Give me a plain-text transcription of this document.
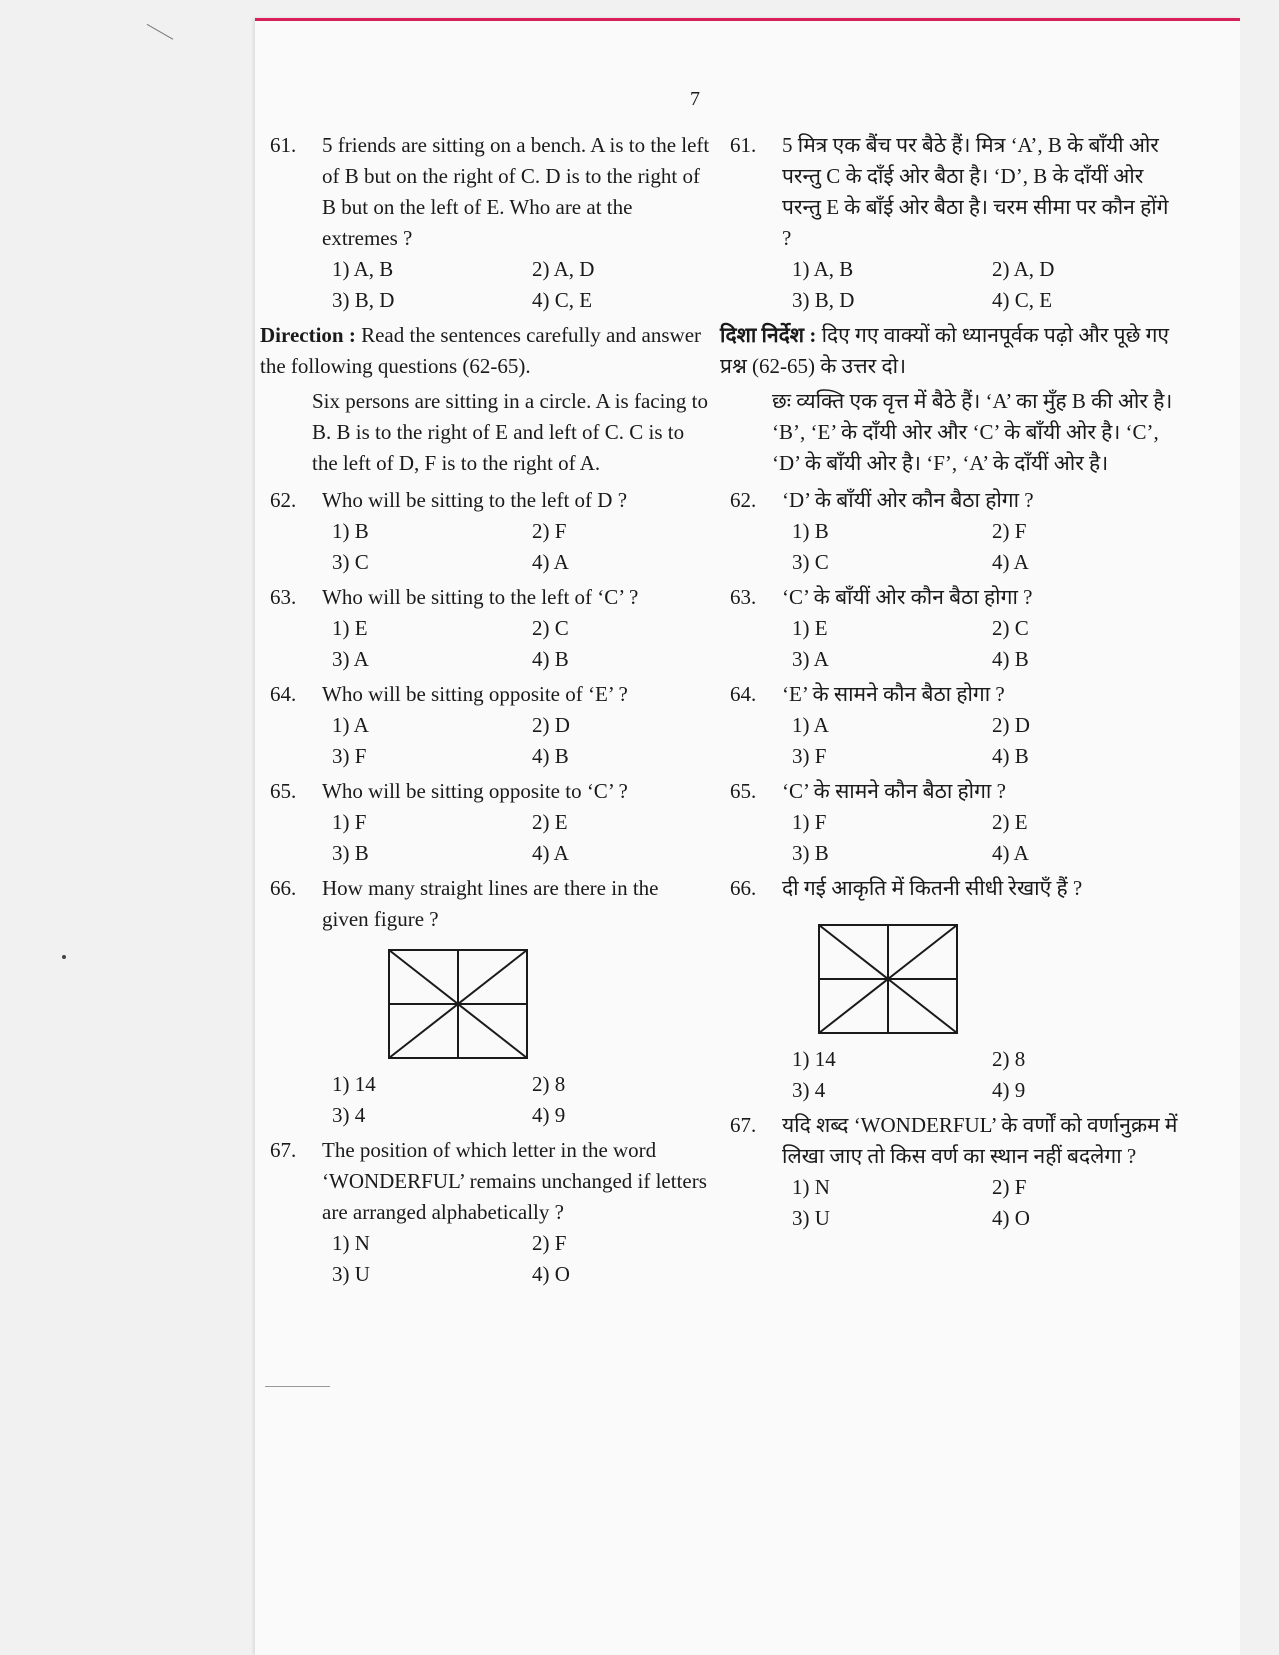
7
61. 5 friends are sitting on a bench. A is to the left of B but on the right of C. D is to the right of B but on the left of E. Who are at the extremes ?
1) A, B	2) A, D
3) B, D	4) C, E
Direction : Read the sentences carefully and answer the following questions (62-65).
Six persons are sitting in a circle. A is facing to B. B is to the right of E and left of C. C is to the left of D, F is to the right of A.
62. Who will be sitting to the left of D ?
1) B	2) F
3) C	4) A
63. Who will be sitting to the left of ‘C’ ?
1) E	2) C
3) A	4) B
64. Who will be sitting opposite of ‘E’ ?
1) A	2) D
3) F	4) B
65. Who will be sitting opposite to ‘C’ ?
1) F	2) E
3) B	4) A
66. How many straight lines are there in the given figure ?
1) 14	2) 8
3) 4	4) 9
67. The position of which letter in the word ‘WONDERFUL’ remains unchanged if letters are arranged alphabetically ?
1) N	2) F
3) U	4) O
61. 5 मित्र एक बैंच पर बैठे हैं। मित्र ‘A’, B के बाँयी ओर परन्तु C के दाँई ओर बैठा है। ‘D’, B के दाँयीं ओर परन्तु E के बाँई ओर बैठा है। चरम सीमा पर कौन होंगे ?
1) A, B	2) A, D
3) B, D	4) C, E
दिशा निर्देश : दिए गए वाक्यों को ध्यानपूर्वक पढ़ो और पूछे गए प्रश्न (62-65) के उत्तर दो।
छः व्यक्ति एक वृत्त में बैठे हैं। ‘A’ का मुँह B की ओर है। ‘B’, ‘E’ के दाँयी ओर और ‘C’ के बाँयी ओर है। ‘C’, ‘D’ के बाँयी ओर है। ‘F’, ‘A’ के दाँयीं ओर है।
62. ‘D’ के बाँयीं ओर कौन बैठा होगा ?
1) B	2) F
3) C	4) A
63. ‘C’ के बाँयीं ओर कौन बैठा होगा ?
1) E	2) C
3) A	4) B
64. ‘E’ के सामने कौन बैठा होगा ?
1) A	2) D
3) F	4) B
65. ‘C’ के सामने कौन बैठा होगा ?
1) F	2) E
3) B	4) A
66. दी गई आकृति में कितनी सीधी रेखाएँ हैं ?
1) 14	2) 8
3) 4	4) 9
67. यदि शब्द ‘WONDERFUL’ के वर्णों को वर्णानुक्रम में लिखा जाए तो किस वर्ण का स्थान नहीं बदलेगा ?
1) N	2) F
3) U	4) O
